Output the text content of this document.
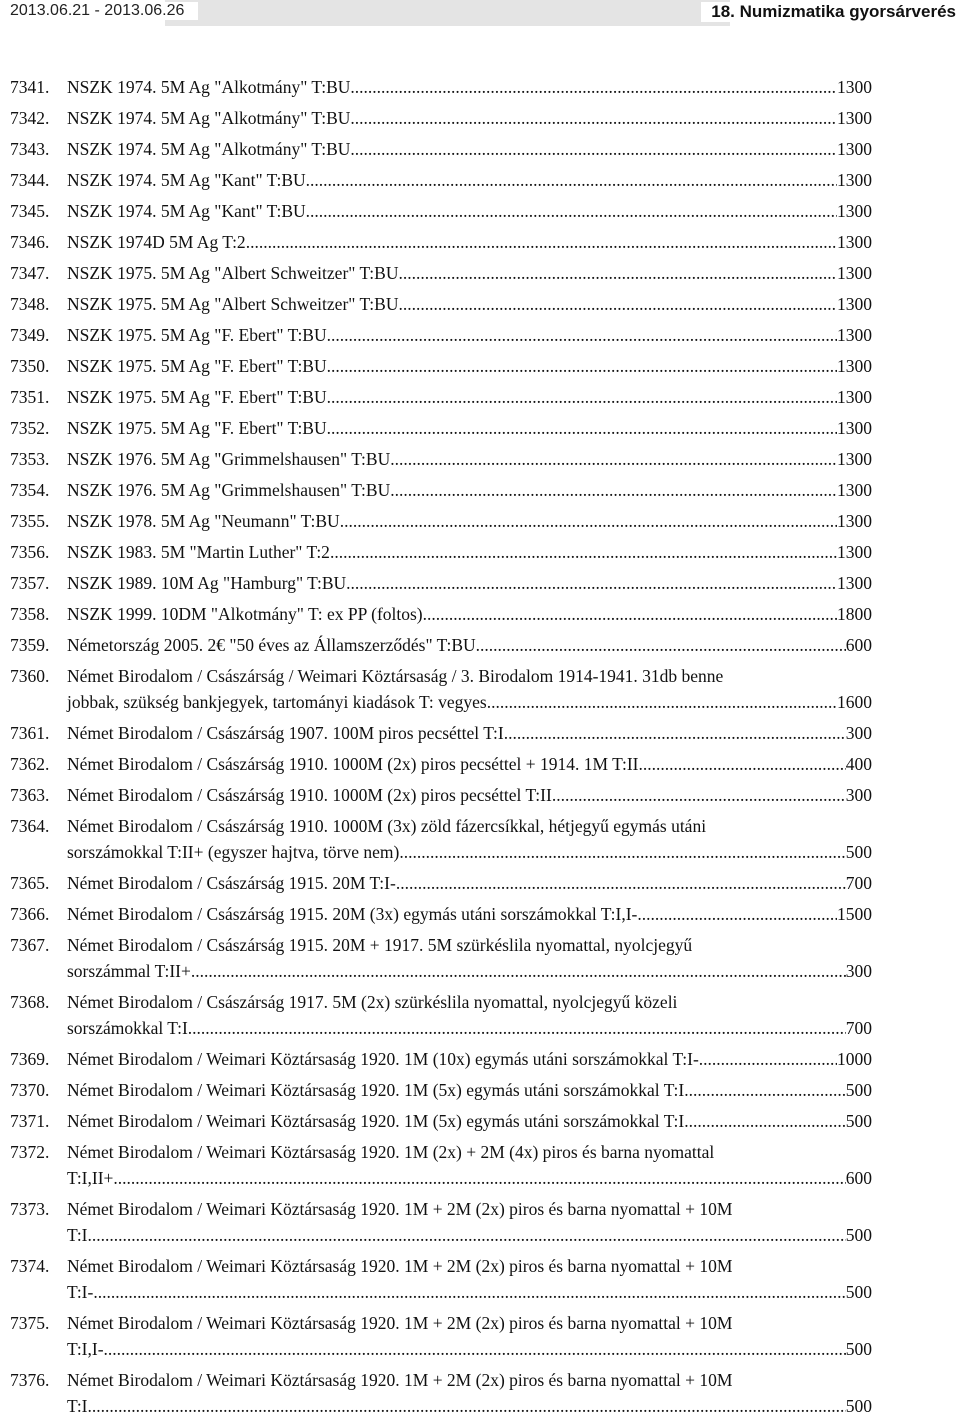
2013.06.21 - 2013.06.26	18. Numizmatika gyorsárverés
7341. NSZK 1974. 5M Ag "Alkotmány" T:BU .....	1300
7342. NSZK 1974. 5M Ag "Alkotmány" T:BU .....	1300
7343. NSZK 1974. 5M Ag "Alkotmány" T:BU .....	1300
7344. NSZK 1974. 5M Ag "Kant" T:BU .....	1300
7345. NSZK 1974. 5M Ag "Kant" T:BU .....	1300
7346. NSZK 1974D 5M Ag T:2 .....	1300
7347. NSZK 1975. 5M Ag "Albert Schweitzer" T:BU .....	1300
7348. NSZK 1975. 5M Ag "Albert Schweitzer" T:BU .....	1300
7349. NSZK 1975. 5M Ag "F. Ebert" T:BU .....	1300
7350. NSZK 1975. 5M Ag "F. Ebert" T:BU .....	1300
7351. NSZK 1975. 5M Ag "F. Ebert" T:BU .....	1300
7352. NSZK 1975. 5M Ag "F. Ebert" T:BU .....	1300
7353. NSZK 1976. 5M Ag "Grimmelshausen" T:BU .....	1300
7354. NSZK 1976. 5M Ag "Grimmelshausen" T:BU .....	1300
7355. NSZK 1978. 5M Ag "Neumann" T:BU .....	1300
7356. NSZK 1983. 5M "Martin Luther" T:2 .....	1300
7357. NSZK 1989. 10M Ag "Hamburg" T:BU .....	1300
7358. NSZK 1999. 10DM "Alkotmány" T: ex PP (foltos) .....	1800
7359. Németország 2005. 2€ "50 éves az Államszerződés" T:BU .....	600
7360. Német Birodalom / Császárság / Weimari Köztársaság / 3. Birodalom 1914-1941. 31db benne
jobbak, szükség bankjegyek, tartományi kiadások T: vegyes .....	1600
7361. Német Birodalom / Császárság 1907. 100M piros pecséttel T:I .....	300
7362. Német Birodalom / Császárság 1910. 1000M (2x) piros pecséttel + 1914. 1M T:II .....	400
7363. Német Birodalom / Császárság 1910. 1000M (2x) piros pecséttel T:II .....	300
7364. Német Birodalom / Császárság 1910. 1000M (3x) zöld fázercsíkkal, hétjegyű egymás utáni
sorszámokkal T:II+ (egyszer hajtva, törve nem) .....	500
7365. Német Birodalom / Császárság 1915. 20M T:I- .....	700
7366. Német Birodalom / Császárság 1915. 20M (3x) egymás utáni sorszámokkal T:I,I- .....	1500
7367. Német Birodalom / Császárság 1915. 20M + 1917. 5M szürkéslila nyomattal, nyolcjegyű
sorszámmal T:II+ .....	300
7368. Német Birodalom / Császárság 1917. 5M (2x) szürkéslila nyomattal, nyolcjegyű közeli
sorszámokkal T:I. .....	700
7369. Német Birodalom / Weimari Köztársaság 1920. 1M (10x) egymás utáni sorszámokkal T:I- .....	1000
7370. Német Birodalom / Weimari Köztársaság 1920. 1M (5x) egymás utáni sorszámokkal T:I. .....	500
7371. Német Birodalom / Weimari Köztársaság 1920. 1M (5x) egymás utáni sorszámokkal T:I. .....	500
7372. Német Birodalom / Weimari Köztársaság 1920. 1M (2x) + 2M (4x) piros és barna nyomattal
T:I,II+. .....	600
7373. Német Birodalom / Weimari Köztársaság 1920. 1M + 2M (2x) piros és barna nyomattal + 10M
T:I .....	500
7374. Német Birodalom / Weimari Köztársaság 1920. 1M + 2M (2x) piros és barna nyomattal + 10M
T:I-. .....	500
7375. Német Birodalom / Weimari Köztársaság 1920. 1M + 2M (2x) piros és barna nyomattal + 10M
T:I,I- .....	500
7376. Német Birodalom / Weimari Köztársaság 1920. 1M + 2M (2x) piros és barna nyomattal + 10M
T:I .....	500
